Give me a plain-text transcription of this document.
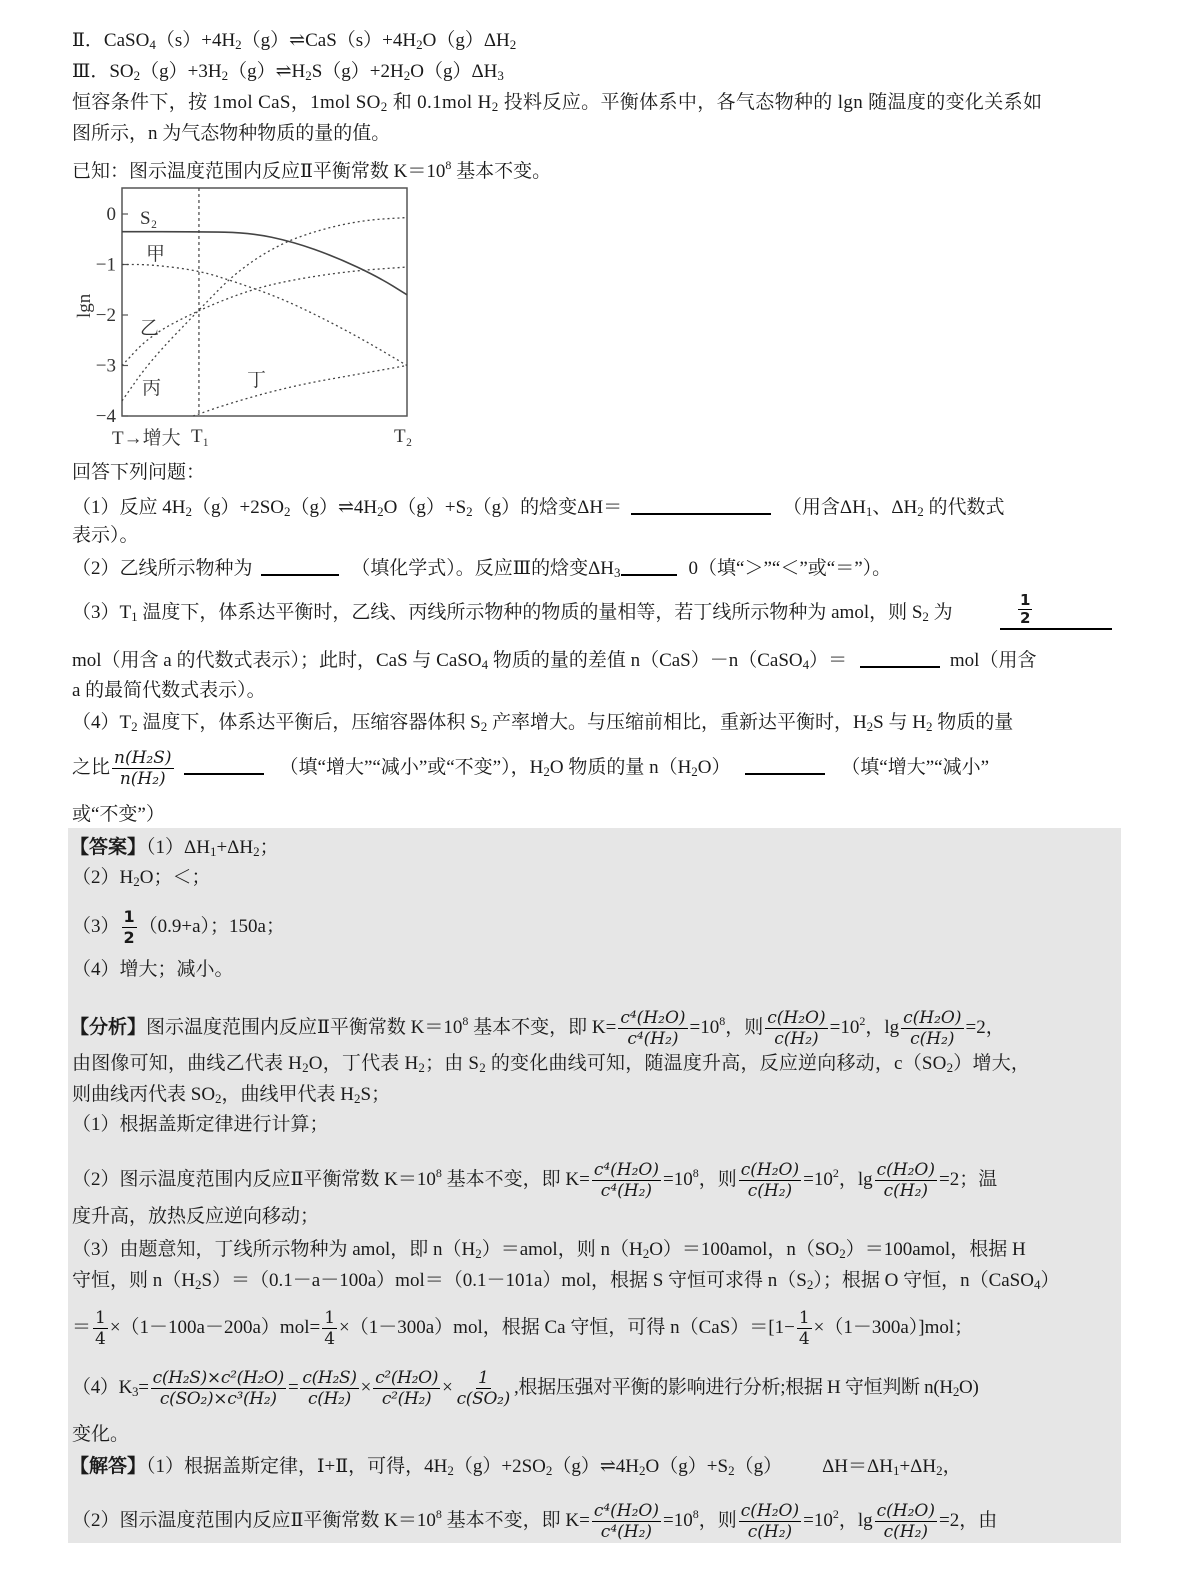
Ⅱ．$CaSO_4(s)+4H_2(g)\rightleftharpoons CaS(s)+4H_2O(g)\Delta H_2$
Ⅲ．$SO_2(g)+3H_2(g)\rightleftharpoons H_2S(g)+2H_2O(g)\Delta H_3$
恒容条件下，按 1mol CaS，1mol $SO_2$ 和 0.1mol $H_2$ 投料反应。平衡体系中，各气态物种的 lgn 随温度的变化关系如
图所示，n 为气态物种物质的量的值。
已知：图示温度范围内反应Ⅱ平衡常数 $K=10^8$ 基本不变。
0
−1
−2
−3
−4
lgn
T→增大 T₁	T₂
S₂
甲
乙
丙	丁
回答下列问题：
（1）反应 $4H_2(g)+2SO_2(g)\rightleftharpoons 4H_2O(g)+S_2(g)$的焓变ΔH＝	（用含$\Delta H_1$、$\Delta H_2$ 的代数式
表示）。
（2）乙线所示物种为	（填化学式）。反应Ⅲ的焓变$\Delta H_3$	0（填“＞”“＜”或“＝”）。
$(3)T_1$ 温度下，体系达平衡时，乙线、丙线所示物种的物质的量相等，若丁线所示物种为 amol，则 $S_2$ 为	$\frac{1}{2}$
mol（用含 a 的代数式表示）；此时，CaS 与 CaSO$_4$ 物质的量的差值 n（CaS）－n（CaSO$_4$）＝	mol（用含
a 的最简代数式表示）。
$(4)T_2$ 温度下，体系达平衡后，压缩容器体积 $S_2$ 产率增大。与压缩前相比，重新达平衡时，$H_2S$ 与 $H_2$ 物质的量
之比 $\frac{\text{n(H₂S)}}{\text{n(H₂)}}$	（填“增大”“减小”或“不变”），$H_2O$ 物质的量 $n(H_2O)$	（填“增大”“减小”
或“不变”）
【答案】$(1)\Delta H_1+\Delta H_2$；
$(2)H_2O$；＜；
$(3) \frac{1}{2} (0.9+a)$；150a；
（4）增大；减小。
【分析】图示温度范围内反应Ⅱ平衡常数 $K=10^8$ 基本不变，即 $K= \frac{\text{c⁴(H₂O)}}{\text{c⁴(H₂)}} =10^8$，则 $\frac{\text{c(H₂O)}}{\text{c(H₂)}} =10^2$，$\lg \frac{\text{c(H₂O)}}{\text{c(H₂)}} =2$，
由图像可知，曲线乙代表 $H_2O$，丁代表 $H_2$；由 $S_2$ 的变化曲线可知，随温度升高，反应逆向移动，$c(SO_2)$增大，
则曲线丙代表 $SO_2$，曲线甲代表 $H_2S$；
（1）根据盖斯定律进行计算；
（2）图示温度范围内反应Ⅱ平衡常数 $K=10^8$ 基本不变，即 $K= \frac{\text{c⁴(H₂O)}}{\text{c⁴(H₂)}} =10^8$，则 $\frac{\text{c(H₂O)}}{\text{c(H₂)}} =10^2$，$\lg \frac{\text{c(H₂O)}}{\text{c(H₂)}} =2$；温
度升高，放热反应逆向移动；
（3）由题意知，丁线所示物种为 amol，即 $n(H_2)=amol$，则 $n(H_2O)=100amol$，$n(SO_2)=100amol$，根据 H
守恒，则 $n(H_2S)=(0.1-a-100a)mol=(0.1-101a)mol$，根据 S 守恒可求得 $n(S_2)$；根据 O 守恒，n（CaSO$_4$）
＝ $\frac{1}{4} \times(1-100a-200a)mol= \frac{1}{4} \times(1-300a)mol$，根据 Ca 守恒，可得 $n(CaS)=[1- \frac{1}{4} \times(1-300a)]mol$；
$(4)K_3= \frac{\text{c(H₂S)×c²(H₂O)}}{\text{c(SO₂)×c³(H₂)}} = \frac{\text{c(H₂S)}}{\text{c(H₂)}} \times \frac{\text{c²(H₂O)}}{\text{c²(H₂)}} \times \frac{1}{\text{c(SO₂)}}$ ,根据压强对平衡的影响进行分析;根据 H 守恒判断 $n(H_2O)$
变化。
【解答】（1）根据盖斯定律，Ⅰ+Ⅱ，可得，$4H_2(g)+2SO_2(g)\rightleftharpoons 4H_2O(g)+S_2(g)$ $\Delta H=\Delta H_1+\Delta H_2$，
（2）图示温度范围内反应Ⅱ平衡常数 $K=10^8$ 基本不变，即 $K= \frac{\text{c⁴(H₂O)}}{\text{c⁴(H₂)}} =10^8$，则 $\frac{\text{c(H₂O)}}{\text{c(H₂)}} =10^2$，$\lg \frac{\text{c(H₂O)}}{\text{c(H₂)}} =2$，由
